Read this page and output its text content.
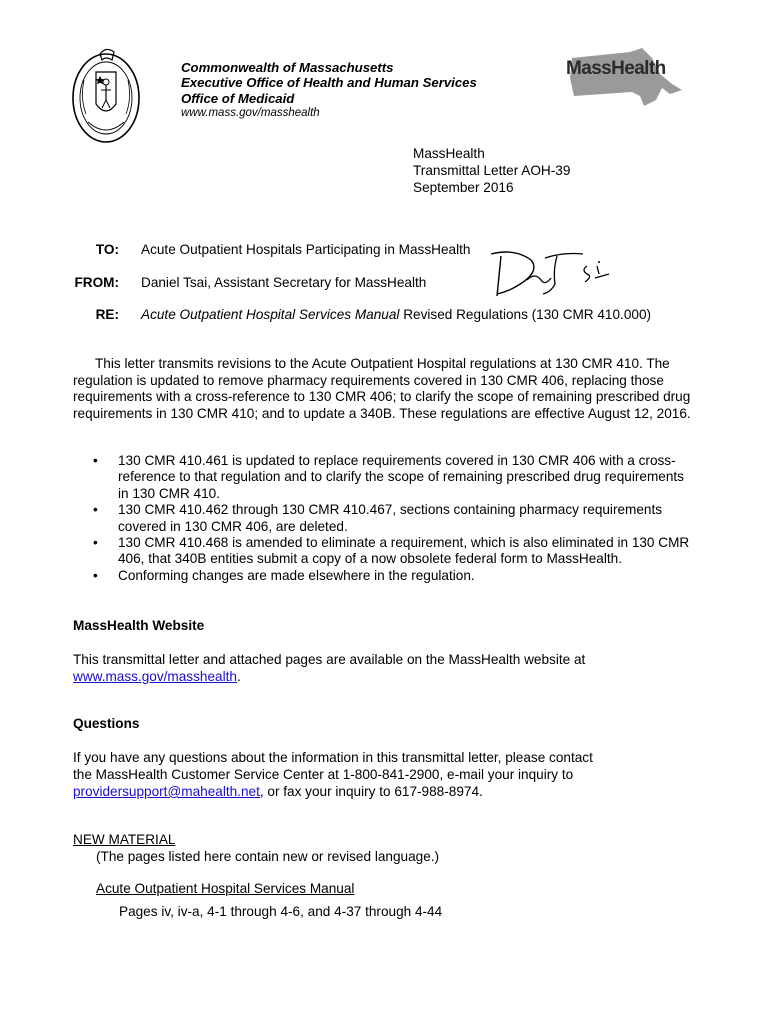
Commonwealth of Massachusetts
Executive Office of Health and Human Services
Office of Medicaid
www.mass.gov/masshealth
MassHealth
MassHealth
Transmittal Letter AOH-39
September 2016
TO: Acute Outpatient Hospitals Participating in MassHealth
FROM: Daniel Tsai, Assistant Secretary for MassHealth
RE: Acute Outpatient Hospital Services Manual Revised Regulations (130 CMR 410.000)
This letter transmits revisions to the Acute Outpatient Hospital regulations at 130 CMR 410. The regulation is updated to remove pharmacy requirements covered in 130 CMR 406, replacing those requirements with a cross-reference to 130 CMR 406; to clarify the scope of remaining prescribed drug requirements in 130 CMR 410; and to update a 340B. These regulations are effective August 12, 2016.
• 130 CMR 410.461 is updated to replace requirements covered in 130 CMR 406 with a cross-reference to that regulation and to clarify the scope of remaining prescribed drug requirements in 130 CMR 410.
• 130 CMR 410.462 through 130 CMR 410.467, sections containing pharmacy requirements covered in 130 CMR 406, are deleted.
• 130 CMR 410.468 is amended to eliminate a requirement, which is also eliminated in 130 CMR 406, that 340B entities submit a copy of a now obsolete federal form to MassHealth.
• Conforming changes are made elsewhere in the regulation.
MassHealth Website
This transmittal letter and attached pages are available on the MassHealth website at www.mass.gov/masshealth.
Questions
If you have any questions about the information in this transmittal letter, please contact the MassHealth Customer Service Center at 1-800-841-2900, e-mail your inquiry to providersupport@mahealth.net, or fax your inquiry to 617-988-8974.
NEW MATERIAL
(The pages listed here contain new or revised language.)
Acute Outpatient Hospital Services Manual
Pages iv, iv-a, 4-1 through 4-6, and 4-37 through 4-44
